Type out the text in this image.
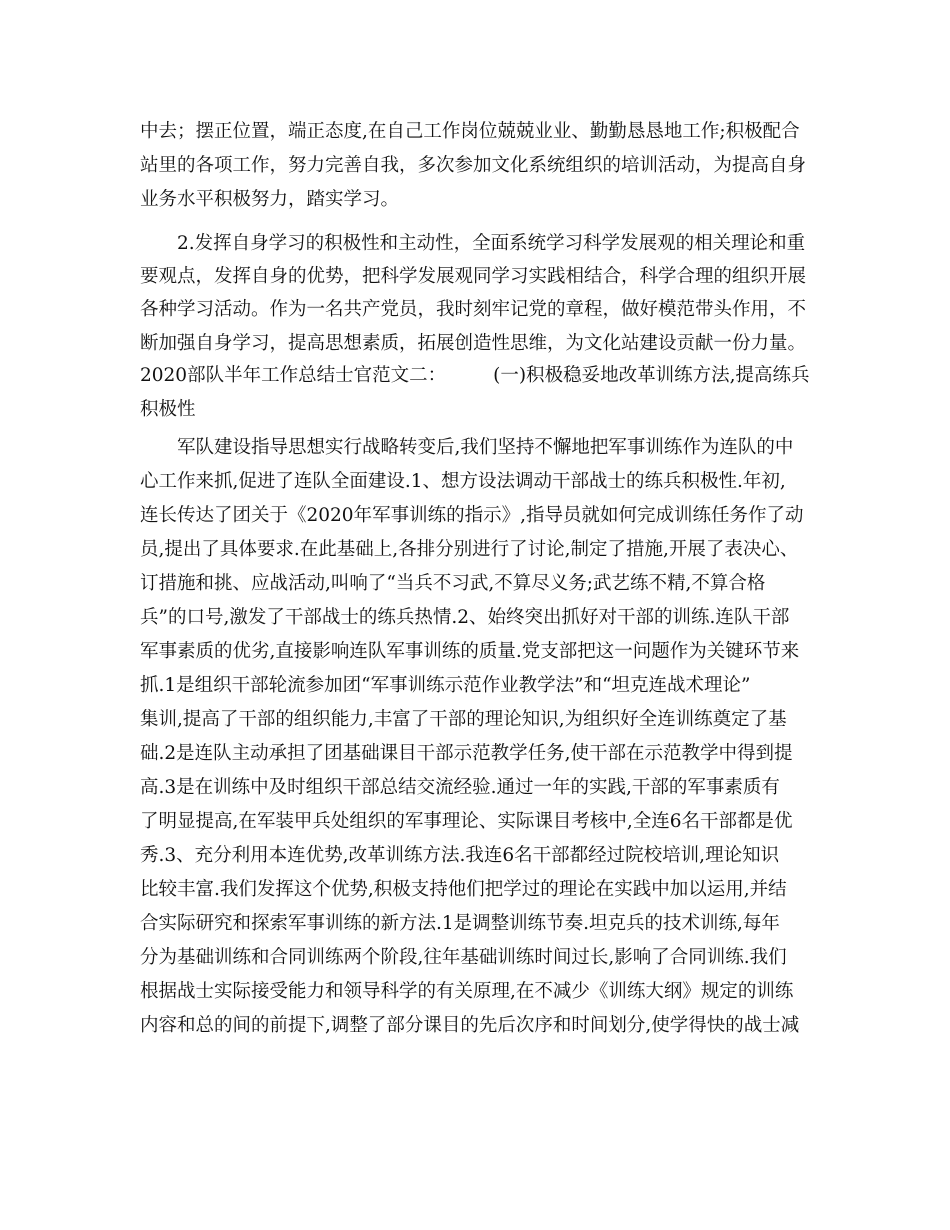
中去；摆正位置，端正态度,在自己工作岗位兢兢业业、勤勤恳恳地工作;积极配合
站里的各项工作，努力完善自我，多次参加文化系统组织的培训活动，为提高自身
业务水平积极努力，踏实学习。
2.发挥自身学习的积极性和主动性，全面系统学习科学发展观的相关理论和重
要观点，发挥自身的优势，把科学发展观同学习实践相结合，科学合理的组织开展
各种学习活动。作为一名共产党员，我时刻牢记党的章程，做好模范带头作用，不
断加强自身学习，提高思想素质，拓展创造性思维，为文化站建设贡献一份力量。
2020部队半年工作总结士官范文二：        (一)积极稳妥地改革训练方法,提高练兵
积极性
军队建设指导思想实行战略转变后,我们坚持不懈地把军事训练作为连队的中
心工作来抓,促进了连队全面建设.1、想方设法调动干部战士的练兵积极性.年初,
连长传达了团关于《2020年军事训练的指示》,指导员就如何完成训练任务作了动
员,提出了具体要求.在此基础上,各排分别进行了讨论,制定了措施,开展了表决心、
订措施和挑、应战活动,叫响了“当兵不习武,不算尽义务;武艺练不精,不算合格
兵”的口号,激发了干部战士的练兵热情.2、始终突出抓好对干部的训练.连队干部
军事素质的优劣,直接影响连队军事训练的质量.党支部把这一问题作为关键环节来
抓.1是组织干部轮流参加团“军事训练示范作业教学法”和“坦克连战术理论”
集训,提高了干部的组织能力,丰富了干部的理论知识,为组织好全连训练奠定了基
础.2是连队主动承担了团基础课目干部示范教学任务,使干部在示范教学中得到提
高.3是在训练中及时组织干部总结交流经验.通过一年的实践,干部的军事素质有
了明显提高,在军装甲兵处组织的军事理论、实际课目考核中,全连6名干部都是优
秀.3、充分利用本连优势,改革训练方法.我连6名干部都经过院校培训,理论知识
比较丰富.我们发挥这个优势,积极支持他们把学过的理论在实践中加以运用,并结
合实际研究和探索军事训练的新方法.1是调整训练节奏.坦克兵的技术训练,每年
分为基础训练和合同训练两个阶段,往年基础训练时间过长,影响了合同训练.我们
根据战士实际接受能力和领导科学的有关原理,在不减少《训练大纲》规定的训练
内容和总的间的前提下,调整了部分课目的先后次序和时间划分,使学得快的战士减
